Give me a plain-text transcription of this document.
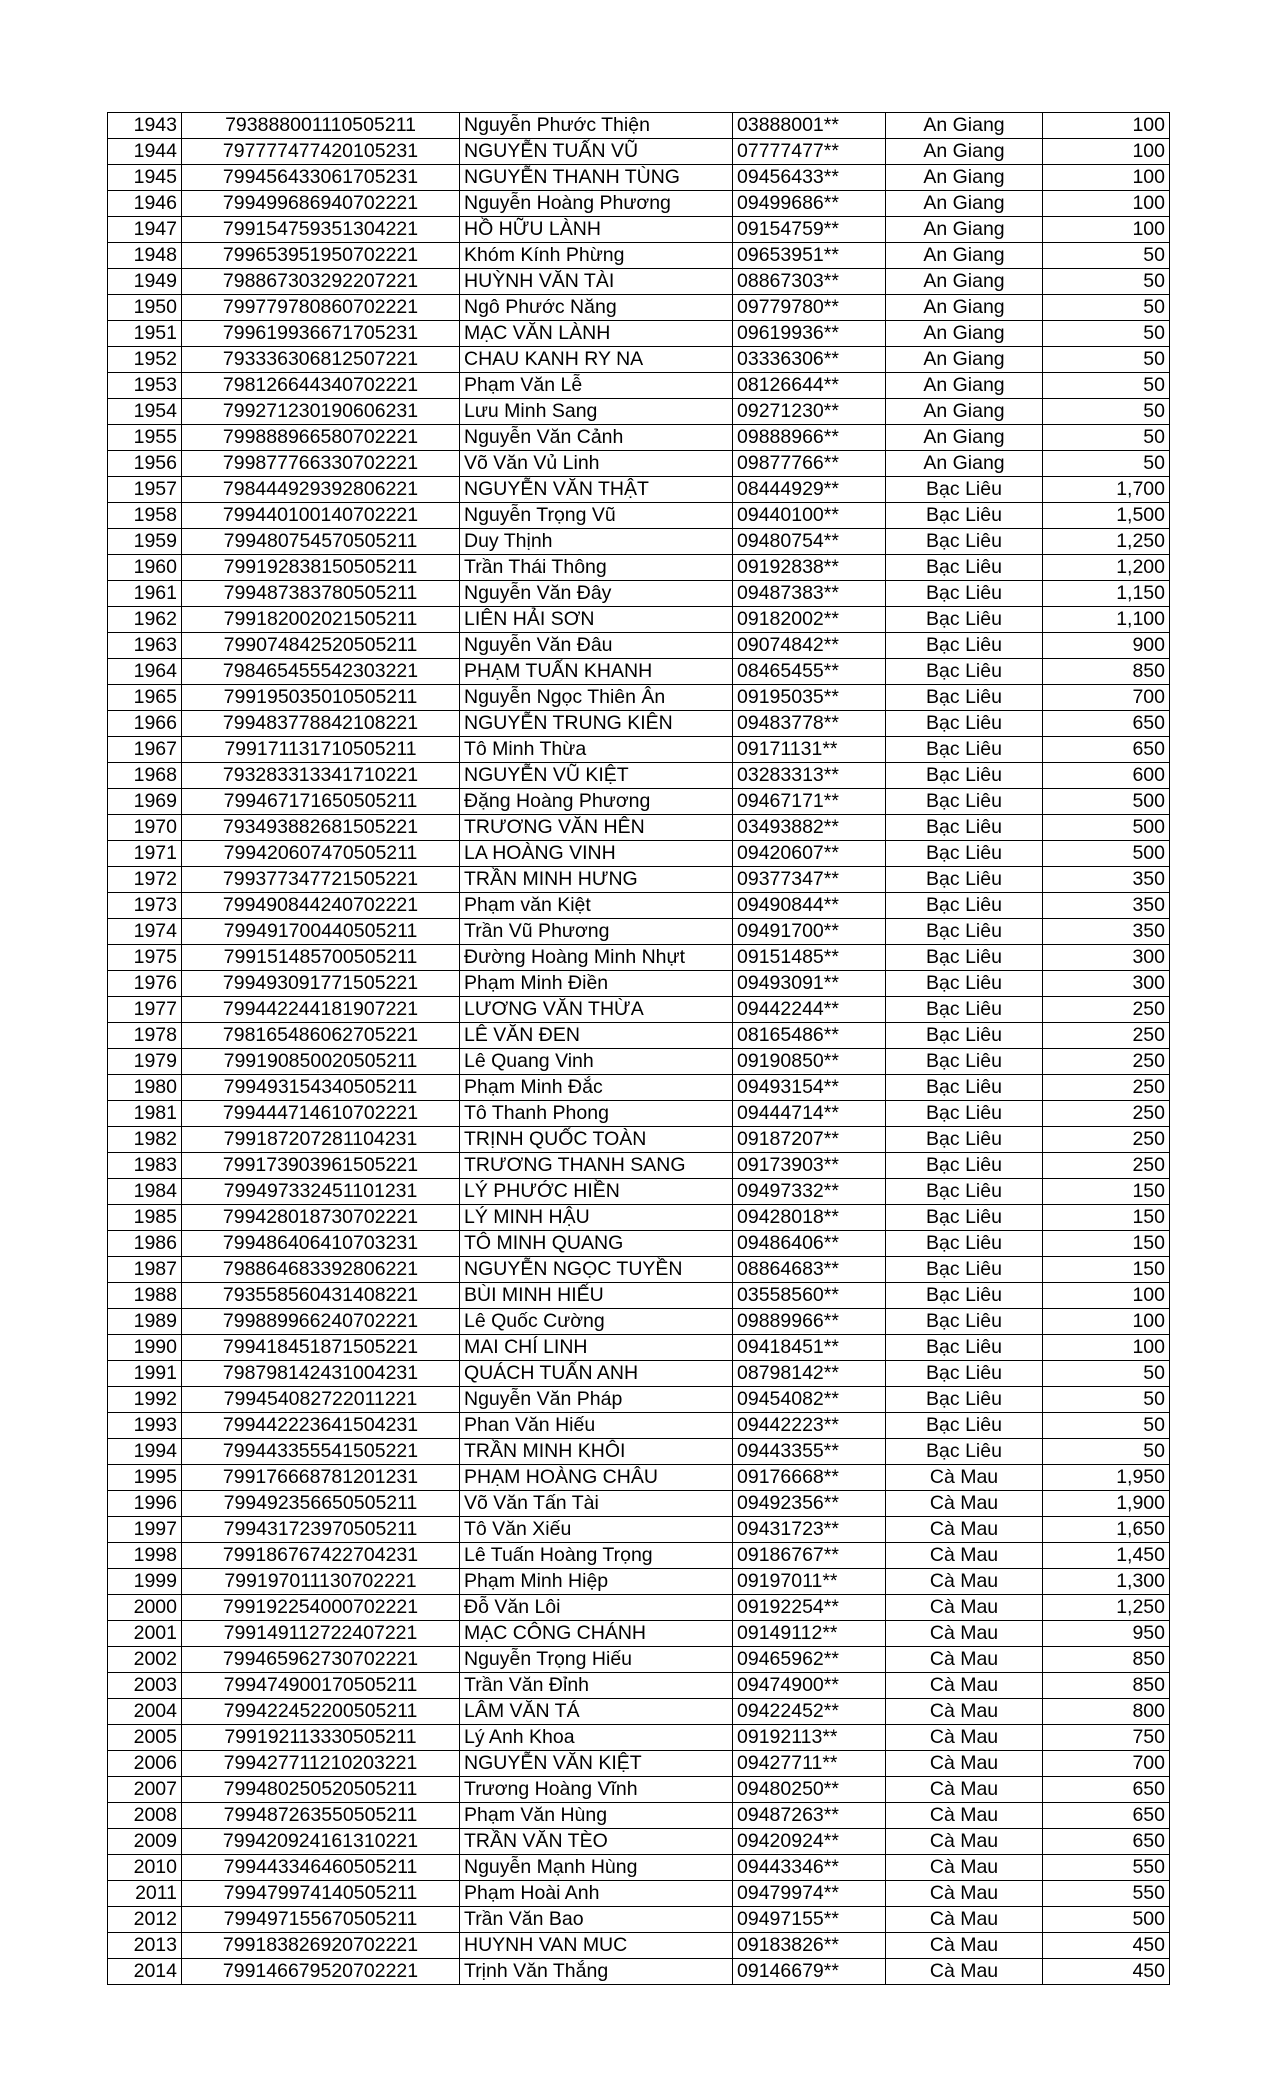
1943	793888001110505211	Nguyễn Phước Thiện	03888001**	An Giang	100
1944	797777477420105231	NGUYỄN TUẤN VŨ	07777477**	An Giang	100
1945	799456433061705231	NGUYỄN THANH TÙNG	09456433**	An Giang	100
1946	799499686940702221	Nguyễn Hoàng Phương	09499686**	An Giang	100
1947	799154759351304221	HỒ HỮU LÀNH	09154759**	An Giang	100
1948	799653951950702221	Khóm Kính Phừng	09653951**	An Giang	50
1949	798867303292207221	HUỲNH VĂN TÀI	08867303**	An Giang	50
1950	799779780860702221	Ngô Phước Năng	09779780**	An Giang	50
1951	799619936671705231	MẠC VĂN LÀNH	09619936**	An Giang	50
1952	793336306812507221	CHAU KANH RY NA	03336306**	An Giang	50
1953	798126644340702221	Phạm Văn Lễ	08126644**	An Giang	50
1954	799271230190606231	Lưu Minh Sang	09271230**	An Giang	50
1955	799888966580702221	Nguyễn Văn Cảnh	09888966**	An Giang	50
1956	799877766330702221	Võ Văn Vủ Linh	09877766**	An Giang	50
1957	798444929392806221	NGUYỄN VĂN THẬT	08444929**	Bạc Liêu	1,700
1958	799440100140702221	Nguyễn Trọng Vũ	09440100**	Bạc Liêu	1,500
1959	799480754570505211	Duy Thịnh	09480754**	Bạc Liêu	1,250
1960	799192838150505211	Trần Thái Thông	09192838**	Bạc Liêu	1,200
1961	799487383780505211	Nguyễn Văn Đây	09487383**	Bạc Liêu	1,150
1962	799182002021505211	LIÊN HẢI SƠN	09182002**	Bạc Liêu	1,100
1963	799074842520505211	Nguyễn Văn Đâu	09074842**	Bạc Liêu	900
1964	798465455542303221	PHẠM TUẤN KHANH	08465455**	Bạc Liêu	850
1965	799195035010505211	Nguyễn Ngọc Thiên Ân	09195035**	Bạc Liêu	700
1966	799483778842108221	NGUYỄN TRUNG KIÊN	09483778**	Bạc Liêu	650
1967	799171131710505211	Tô Minh Thừa	09171131**	Bạc Liêu	650
1968	793283313341710221	NGUYỄN VŨ KIỆT	03283313**	Bạc Liêu	600
1969	799467171650505211	Đặng Hoàng Phương	09467171**	Bạc Liêu	500
1970	793493882681505221	TRƯƠNG VĂN HÊN	03493882**	Bạc Liêu	500
1971	799420607470505211	LA HOÀNG VINH	09420607**	Bạc Liêu	500
1972	799377347721505221	TRẦN MINH HƯNG	09377347**	Bạc Liêu	350
1973	799490844240702221	Phạm văn Kiệt	09490844**	Bạc Liêu	350
1974	799491700440505211	Trần Vũ Phương	09491700**	Bạc Liêu	350
1975	799151485700505211	Đường Hoàng Minh Nhựt	09151485**	Bạc Liêu	300
1976	799493091771505221	Phạm Minh Điền	09493091**	Bạc Liêu	300
1977	799442244181907221	LƯƠNG VĂN THỪA	09442244**	Bạc Liêu	250
1978	798165486062705221	LÊ VĂN ĐEN	08165486**	Bạc Liêu	250
1979	799190850020505211	Lê Quang Vinh	09190850**	Bạc Liêu	250
1980	799493154340505211	Phạm Minh Đắc	09493154**	Bạc Liêu	250
1981	799444714610702221	Tô Thanh Phong	09444714**	Bạc Liêu	250
1982	799187207281104231	TRỊNH QUỐC TOÀN	09187207**	Bạc Liêu	250
1983	799173903961505221	TRƯƠNG THANH SANG	09173903**	Bạc Liêu	250
1984	799497332451101231	LÝ PHƯỚC HIỀN	09497332**	Bạc Liêu	150
1985	799428018730702221	LÝ MINH HẬU	09428018**	Bạc Liêu	150
1986	799486406410703231	TÔ MINH QUANG	09486406**	Bạc Liêu	150
1987	798864683392806221	NGUYỄN NGỌC TUYỀN	08864683**	Bạc Liêu	150
1988	793558560431408221	BÙI MINH HIẾU	03558560**	Bạc Liêu	100
1989	799889966240702221	Lê Quốc Cường	09889966**	Bạc Liêu	100
1990	799418451871505221	MAI CHÍ LINH	09418451**	Bạc Liêu	100
1991	798798142431004231	QUÁCH TUẤN ANH	08798142**	Bạc Liêu	50
1992	799454082722011221	Nguyễn Văn Pháp	09454082**	Bạc Liêu	50
1993	799442223641504231	Phan Văn Hiếu	09442223**	Bạc Liêu	50
1994	799443355541505221	TRẦN MINH KHÔI	09443355**	Bạc Liêu	50
1995	799176668781201231	PHẠM HOÀNG CHÂU	09176668**	Cà Mau	1,950
1996	799492356650505211	Võ Văn Tấn Tài	09492356**	Cà Mau	1,900
1997	799431723970505211	Tô Văn Xiếu	09431723**	Cà Mau	1,650
1998	799186767422704231	Lê Tuấn Hoàng Trọng	09186767**	Cà Mau	1,450
1999	799197011130702221	Phạm Minh Hiệp	09197011**	Cà Mau	1,300
2000	799192254000702221	Đỗ Văn Lôi	09192254**	Cà Mau	1,250
2001	799149112722407221	MẠC CÔNG CHÁNH	09149112**	Cà Mau	950
2002	799465962730702221	Nguyễn Trọng Hiếu	09465962**	Cà Mau	850
2003	799474900170505211	Trần Văn Đỉnh	09474900**	Cà Mau	850
2004	799422452200505211	LÂM VĂN TÁ	09422452**	Cà Mau	800
2005	799192113330505211	Lý Anh Khoa	09192113**	Cà Mau	750
2006	799427711210203221	NGUYỄN VĂN KIỆT	09427711**	Cà Mau	700
2007	799480250520505211	Trương Hoàng Vĩnh	09480250**	Cà Mau	650
2008	799487263550505211	Phạm Văn Hùng	09487263**	Cà Mau	650
2009	799420924161310221	TRẦN VĂN TÈO	09420924**	Cà Mau	650
2010	799443346460505211	Nguyễn Mạnh Hùng	09443346**	Cà Mau	550
2011	799479974140505211	Phạm Hoài Anh	09479974**	Cà Mau	550
2012	799497155670505211	Trần Văn Bao	09497155**	Cà Mau	500
2013	799183826920702221	HUYNH VAN MUC	09183826**	Cà Mau	450
2014	799146679520702221	Trịnh Văn Thắng	09146679**	Cà Mau	450
